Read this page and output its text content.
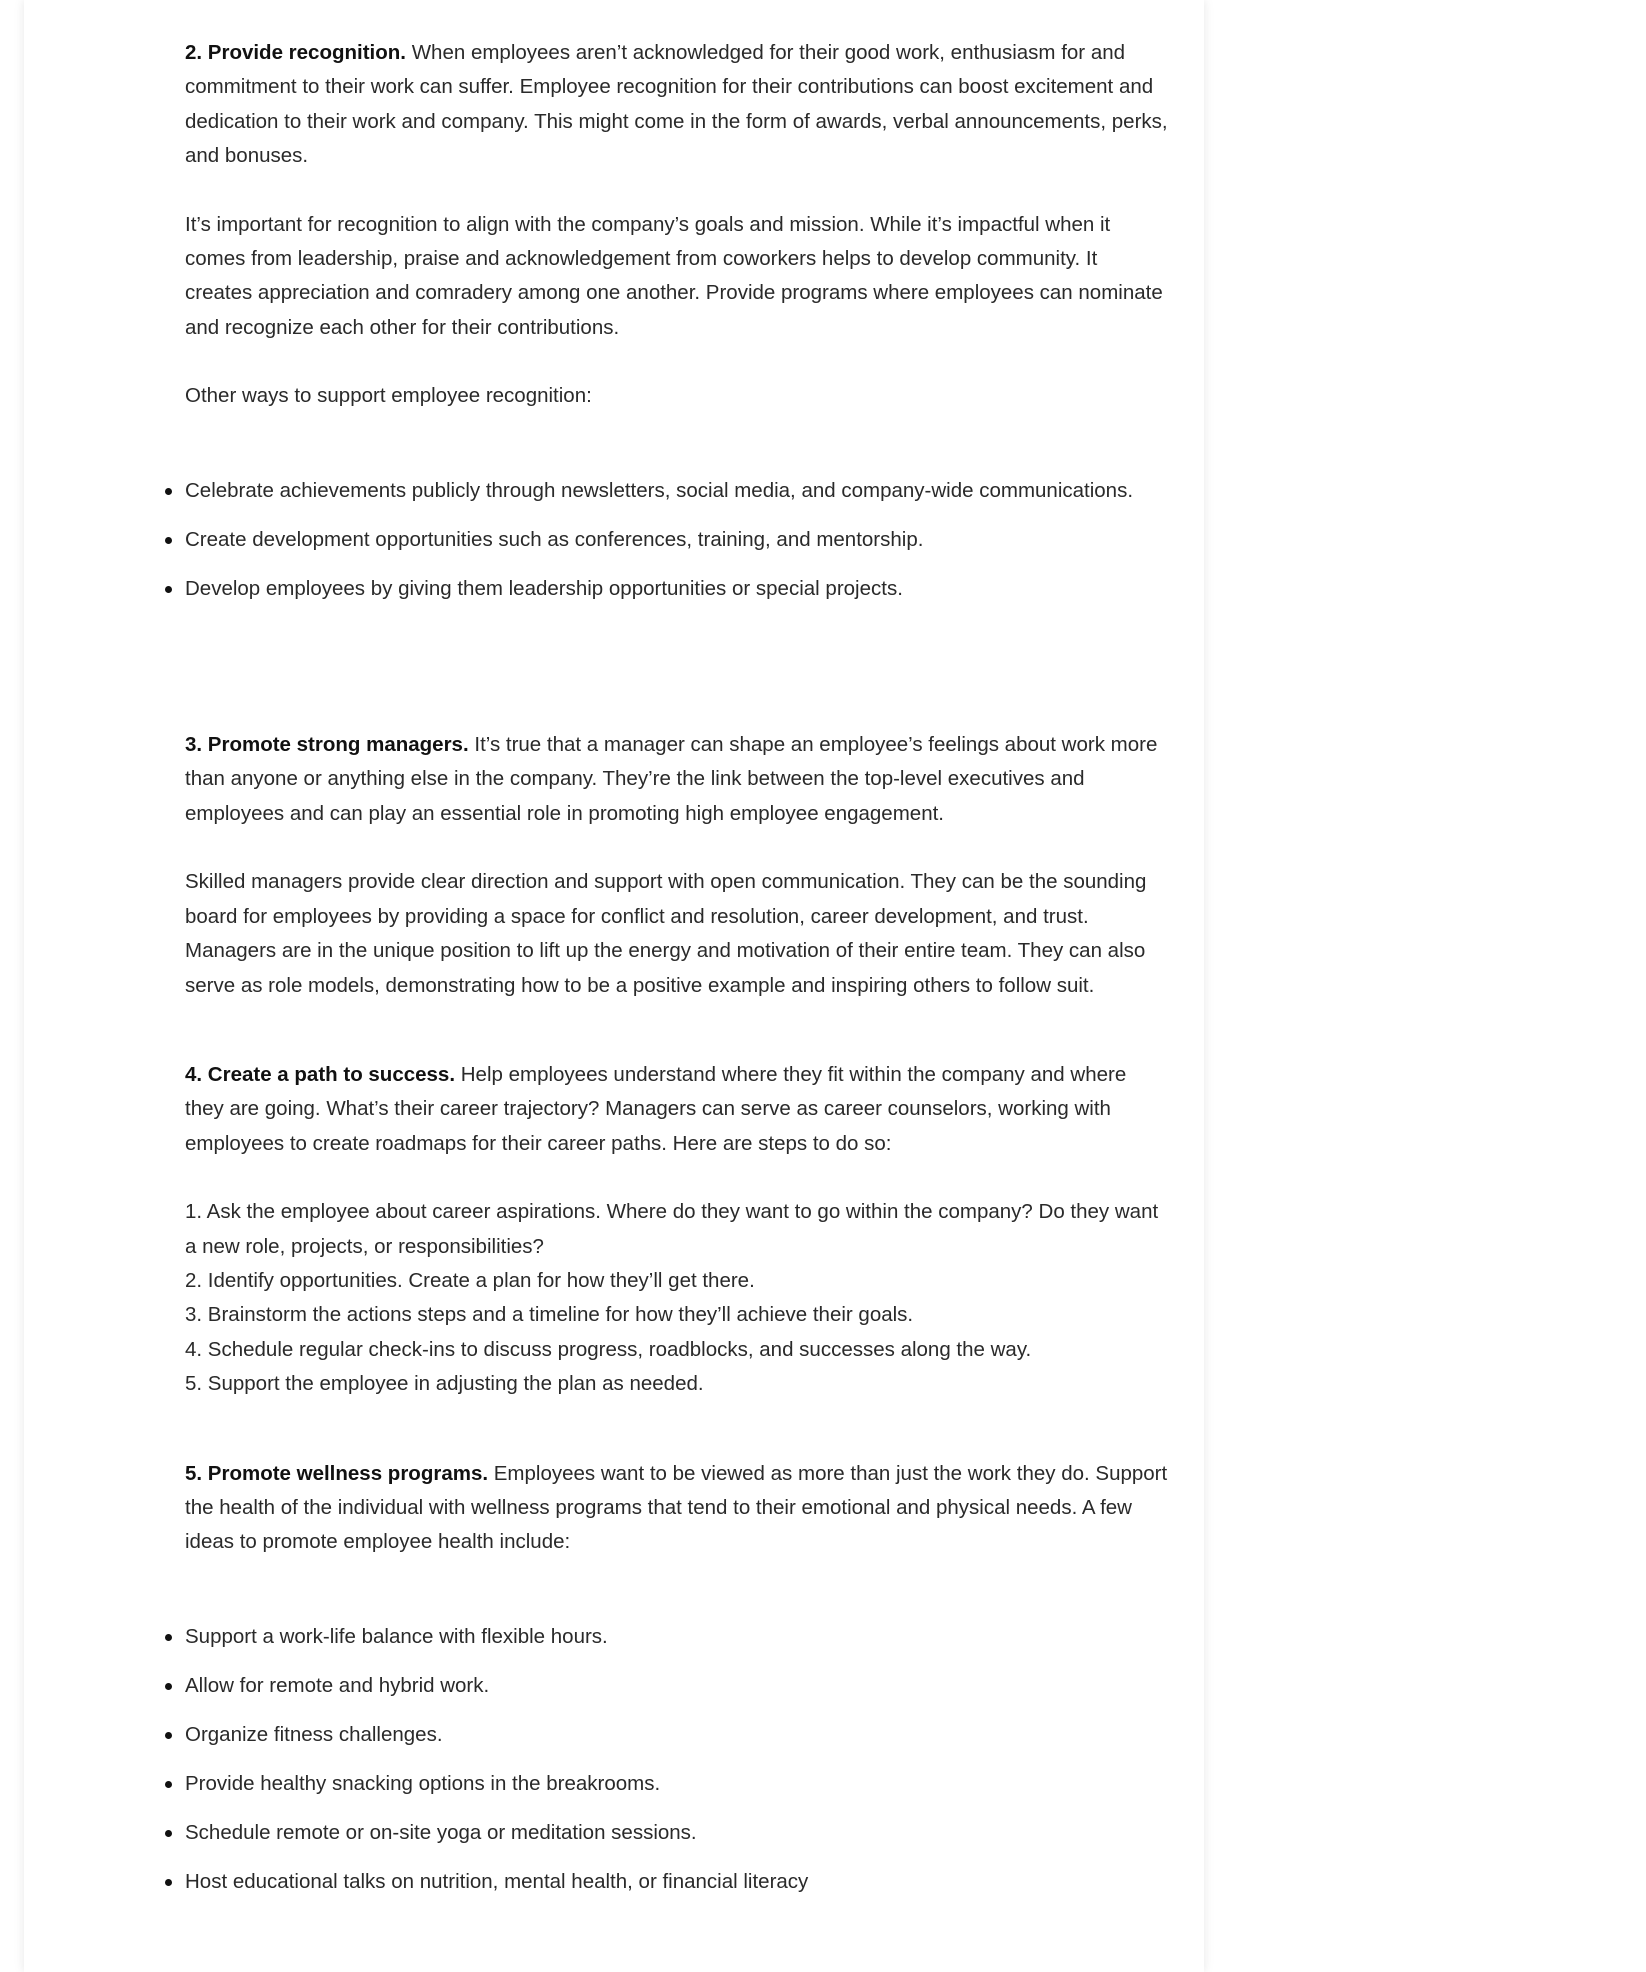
2. Provide recognition. When employees aren’t acknowledged for their good work, enthusiasm for and commitment to their work can suffer. Employee recognition for their contributions can boost excitement and dedication to their work and company. This might come in the form of awards, verbal announcements, perks, and bonuses.

It’s important for recognition to align with the company’s goals and mission. While it’s impactful when it comes from leadership, praise and acknowledgement from coworkers helps to develop community. It creates appreciation and comradery among one another. Provide programs where employees can nominate and recognize each other for their contributions.

Other ways to support employee recognition:

Celebrate achievements publicly through newsletters, social media, and company-wide communications.
Create development opportunities such as conferences, training, and mentorship.
Develop employees by giving them leadership opportunities or special projects.

3. Promote strong managers. It’s true that a manager can shape an employee’s feelings about work more than anyone or anything else in the company. They’re the link between the top-level executives and employees and can play an essential role in promoting high employee engagement.

Skilled managers provide clear direction and support with open communication. They can be the sounding board for employees by providing a space for conflict and resolution, career development, and trust. Managers are in the unique position to lift up the energy and motivation of their entire team. They can also serve as role models, demonstrating how to be a positive example and inspiring others to follow suit.

4. Create a path to success. Help employees understand where they fit within the company and where they are going. What’s their career trajectory? Managers can serve as career counselors, working with employees to create roadmaps for their career paths. Here are steps to do so:

1. Ask the employee about career aspirations. Where do they want to go within the company? Do they want a new role, projects, or responsibilities?
2. Identify opportunities. Create a plan for how they’ll get there.
3. Brainstorm the actions steps and a timeline for how they’ll achieve their goals.
4. Schedule regular check-ins to discuss progress, roadblocks, and successes along the way.
5. Support the employee in adjusting the plan as needed.

5. Promote wellness programs. Employees want to be viewed as more than just the work they do. Support the health of the individual with wellness programs that tend to their emotional and physical needs. A few ideas to promote employee health include:

Support a work-life balance with flexible hours.
Allow for remote and hybrid work.
Organize fitness challenges.
Provide healthy snacking options in the breakrooms.
Schedule remote or on-site yoga or meditation sessions.
Host educational talks on nutrition, mental health, or financial literacy
